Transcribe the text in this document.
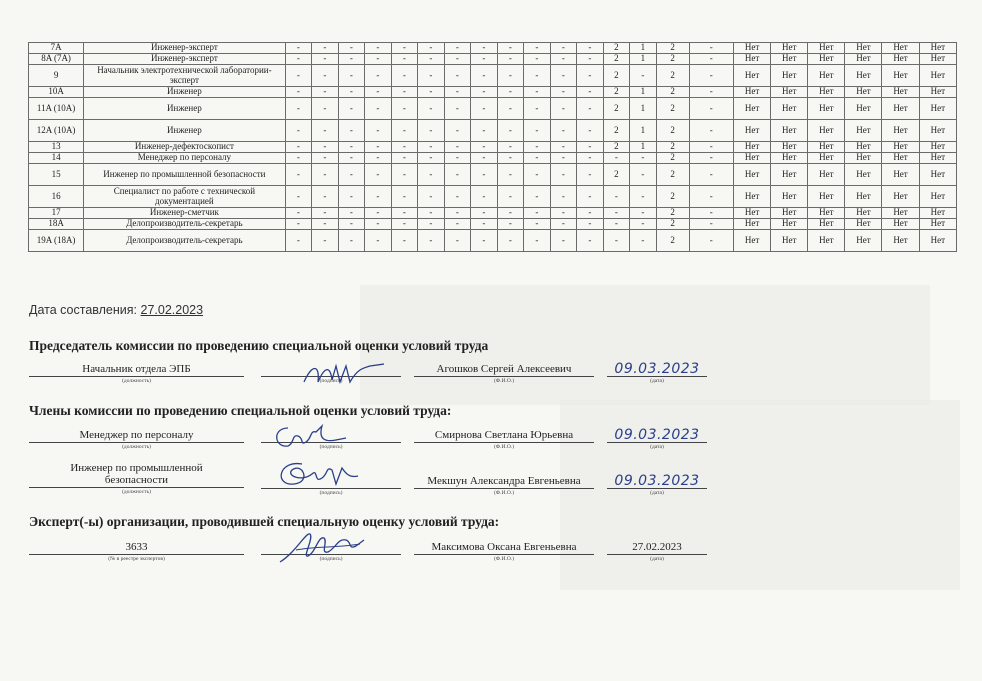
7A	Инженер-эксперт	-	-	-	-	-	-	-	-	-	-	-	-	2	1	2	-	Нет	Нет	Нет	Нет	Нет	Нет
8A (7A)	Инженер-эксперт	-	-	-	-	-	-	-	-	-	-	-	-	2	1	2	-	Нет	Нет	Нет	Нет	Нет	Нет
9	Начальник электротехнической лаборатории-эксперт	-	-	-	-	-	-	-	-	-	-	-	-	2	-	2	-	Нет	Нет	Нет	Нет	Нет	Нет
10A	Инженер	-	-	-	-	-	-	-	-	-	-	-	-	2	1	2	-	Нет	Нет	Нет	Нет	Нет	Нет
11A (10A)	Инженер	-	-	-	-	-	-	-	-	-	-	-	-	2	1	2	-	Нет	Нет	Нет	Нет	Нет	Нет
12A (10A)	Инженер	-	-	-	-	-	-	-	-	-	-	-	-	2	1	2	-	Нет	Нет	Нет	Нет	Нет	Нет
13	Инженер-дефектоскопист	-	-	-	-	-	-	-	-	-	-	-	-	2	1	2	-	Нет	Нет	Нет	Нет	Нет	Нет
14	Менеджер по персоналу	-	-	-	-	-	-	-	-	-	-	-	-	-	-	2	-	Нет	Нет	Нет	Нет	Нет	Нет
15	Инженер по промышленной безопасности	-	-	-	-	-	-	-	-	-	-	-	-	2	-	2	-	Нет	Нет	Нет	Нет	Нет	Нет
16	Специалист по работе с технической документацией	-	-	-	-	-	-	-	-	-	-	-	-	-	-	2	-	Нет	Нет	Нет	Нет	Нет	Нет
17	Инженер-сметчик	-	-	-	-	-	-	-	-	-	-	-	-	-	-	2	-	Нет	Нет	Нет	Нет	Нет	Нет
18A	Делопроизводитель-секретарь	-	-	-	-	-	-	-	-	-	-	-	-	-	-	2	-	Нет	Нет	Нет	Нет	Нет	Нет
19A (18A)	Делопроизводитель-секретарь	-	-	-	-	-	-	-	-	-	-	-	-	-	-	2	-	Нет	Нет	Нет	Нет	Нет	Нет
Дата составления: 27.02.2023
Председатель комиссии по проведению специальной оценки условий труда
Начальник отдела ЭПБ
(должность)	(подпись)
Агошков Сергей Алексеевич
(Ф.И.О.)
09.03.2023
(дата)
Члены комиссии по проведению специальной оценки условий труда:
Менеджер по персоналу
(должность)	(подпись)
Смирнова Светлана Юрьевна
(Ф.И.О.)
09.03.2023
(дата)
Инженер по промышленной
безопасности
(должность)	(подпись)
Мекшун Александра Евгеньевна
(Ф.И.О.)
09.03.2023
(дата)
Эксперт(-ы) организации, проводившей специальную оценку условий труда:
3633
(№ в реестре экспертов)	(подпись)
Максимова Оксана Евгеньевна
(Ф.И.О.)
27.02.2023
(дата)
